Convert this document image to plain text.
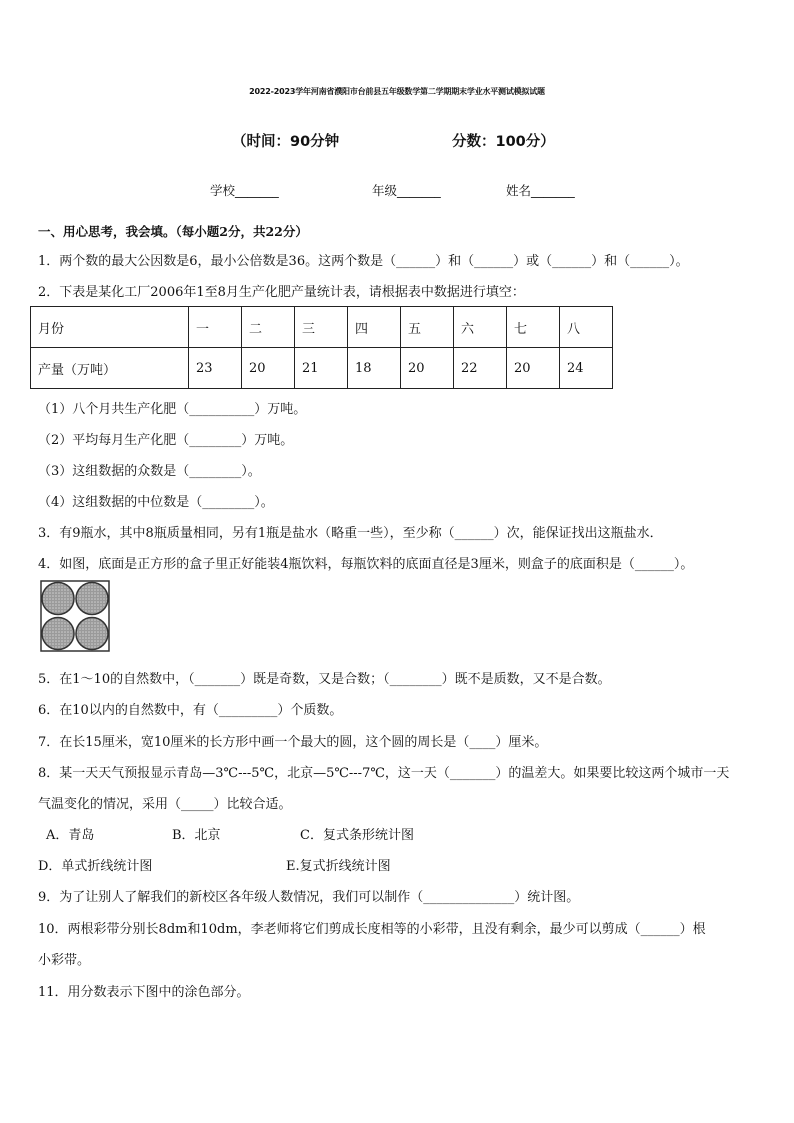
2022-2023学年河南省濮阳市台前县五年级数学第二学期期末学业水平测试模拟试题
（时间：90分钟	分数：100分）
学校_______	年级_______	姓名_______
一、用心思考，我会填。（每小题2分，共22分）
1．两个数的最大公因数是6，最小公倍数是36。这两个数是（______）和（______）或（______）和（______）。
2．下表是某化工厂2006年1至8月生产化肥产量统计表，请根据表中数据进行填空：
月份	一	二	三	四	五	六	七	八
产量（万吨）	23	20	21	18	20	22	20	24
（1）八个月共生产化肥（__________）万吨。
（2）平均每月生产化肥（________）万吨。
（3）这组数据的众数是（________）。
（4）这组数据的中位数是（________）。
3．有9瓶水，其中8瓶质量相同，另有1瓶是盐水（略重一些），至少称（______）次，能保证找出这瓶盐水．
4．如图，底面是正方形的盒子里正好能装4瓶饮料，每瓶饮料的底面直径是3厘米，则盒子的底面积是（______）。
5．在1～10的自然数中，（_______）既是奇数，又是合数；（________）既不是质数，又不是合数。
6．在10以内的自然数中，有（_________）个质数。
7．在长15厘米，宽10厘米的长方形中画一个最大的圆，这个圆的周长是（____）厘米。
8．某一天天气预报显示青岛—3℃---5℃，北京—5℃---7℃，这一天（_______）的温差大。如果要比较这两个城市一天
气温变化的情况，采用（_____）比较合适。
A．青岛	B．北京	C．复式条形统计图
D．单式折线统计图	E.复式折线统计图
9．为了让别人了解我们的新校区各年级人数情况，我们可以制作（______________）统计图。
10．两根彩带分别长8dm和10dm，李老师将它们剪成长度相等的小彩带，且没有剩余，最少可以剪成（______）根
小彩带。
11．用分数表示下图中的涂色部分。
